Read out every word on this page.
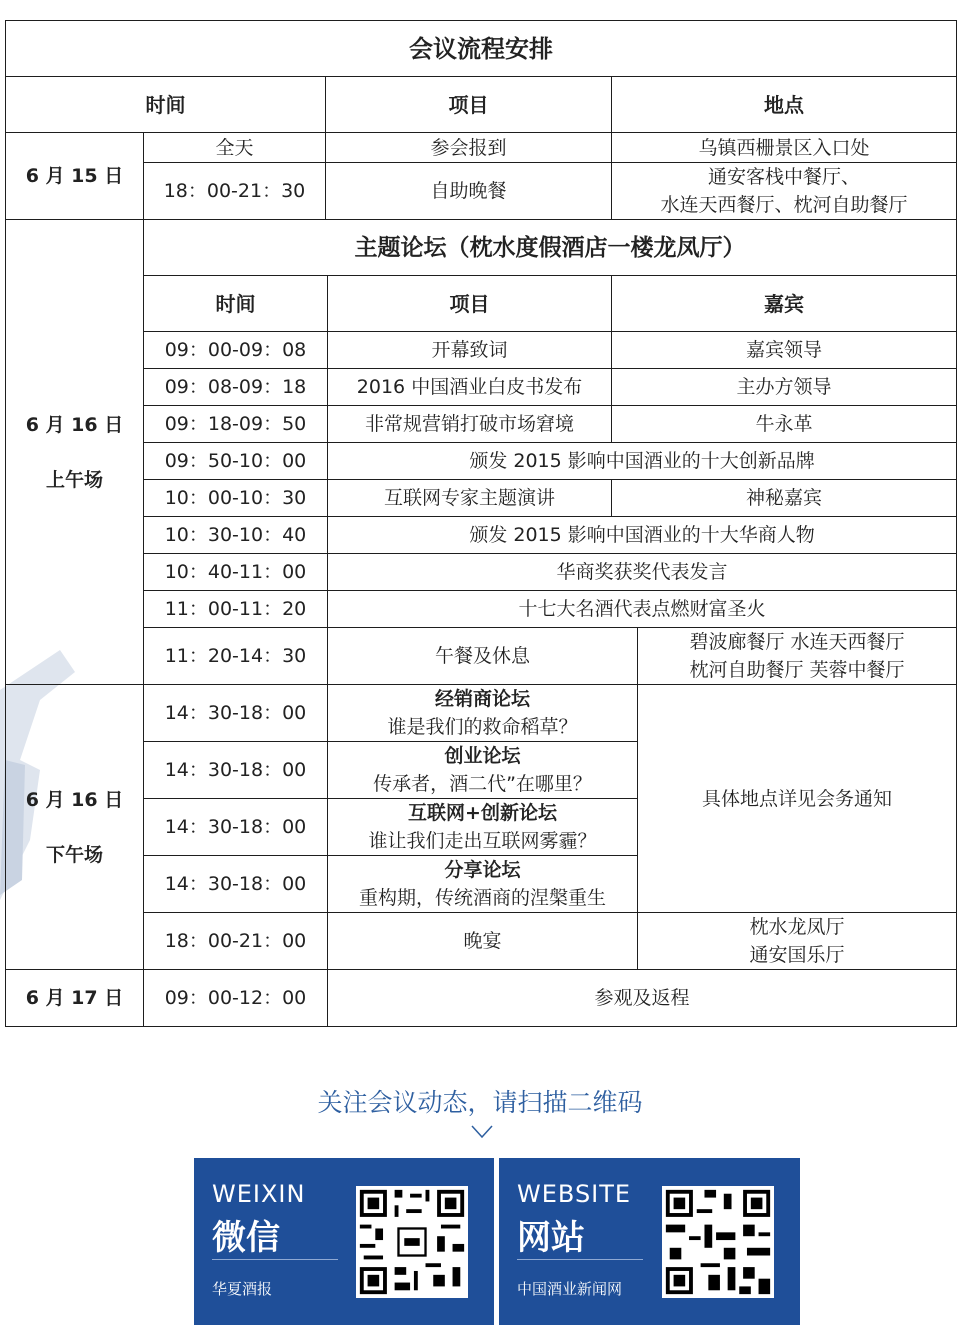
会议流程安排					
时间		项目		地点	
6 月 15 日	全天	参会报到		乌镇西栅景区入口处	
	18：00-21：30	自助晚餐		通安客栈中餐厅、
水连天西餐厅、枕河自助餐厅	

6 月 16 日
上午场	主题论坛（枕水度假酒店一楼龙凤厅）				
	时间		项目	嘉宾	
	09：00-09：08		开幕致词	嘉宾领导	
	09：08-09：18		2016 中国酒业白皮书发布	主办方领导	
	09：18-09：50		非常规营销打破市场窘境	牛永革	
	09：50-10：00		颁发 2015 影响中国酒业的十大创新品牌		
	10：00-10：30		互联网专家主题演讲	神秘嘉宾	
	10：30-10：40		颁发 2015 影响中国酒业的十大华商人物		
	10：40-11：00		华商奖获奖代表发言		
	11：00-11：20		十七大名酒代表点燃财富圣火		
	11：20-14：30		午餐及休息		碧波廊餐厅 水连天西餐厅
枕河自助餐厅 芙蓉中餐厅

6 月 16 日
下午场	14：30-18：00		经销商论坛
谁是我们的救命稻草？		具体地点详见会务通知
	14：30-18：00		创业论坛
传承者，酒二代”在哪里？		

	14：30-18：00		互联网+创新论坛
谁让我们走出互联网雾霾？		

	14：30-18：00		分享论坛
重构期，传统酒商的涅槃重生		

	18：00-21：00		晚宴		枕水龙凤厅
通安国乐厅

6 月 17 日	09：00-12：00		参观及返程		
关注会议动态，请扫描二维码
WEIXIN
微信
华夏酒报
WEBSITE
网站
中国酒业新闻网
